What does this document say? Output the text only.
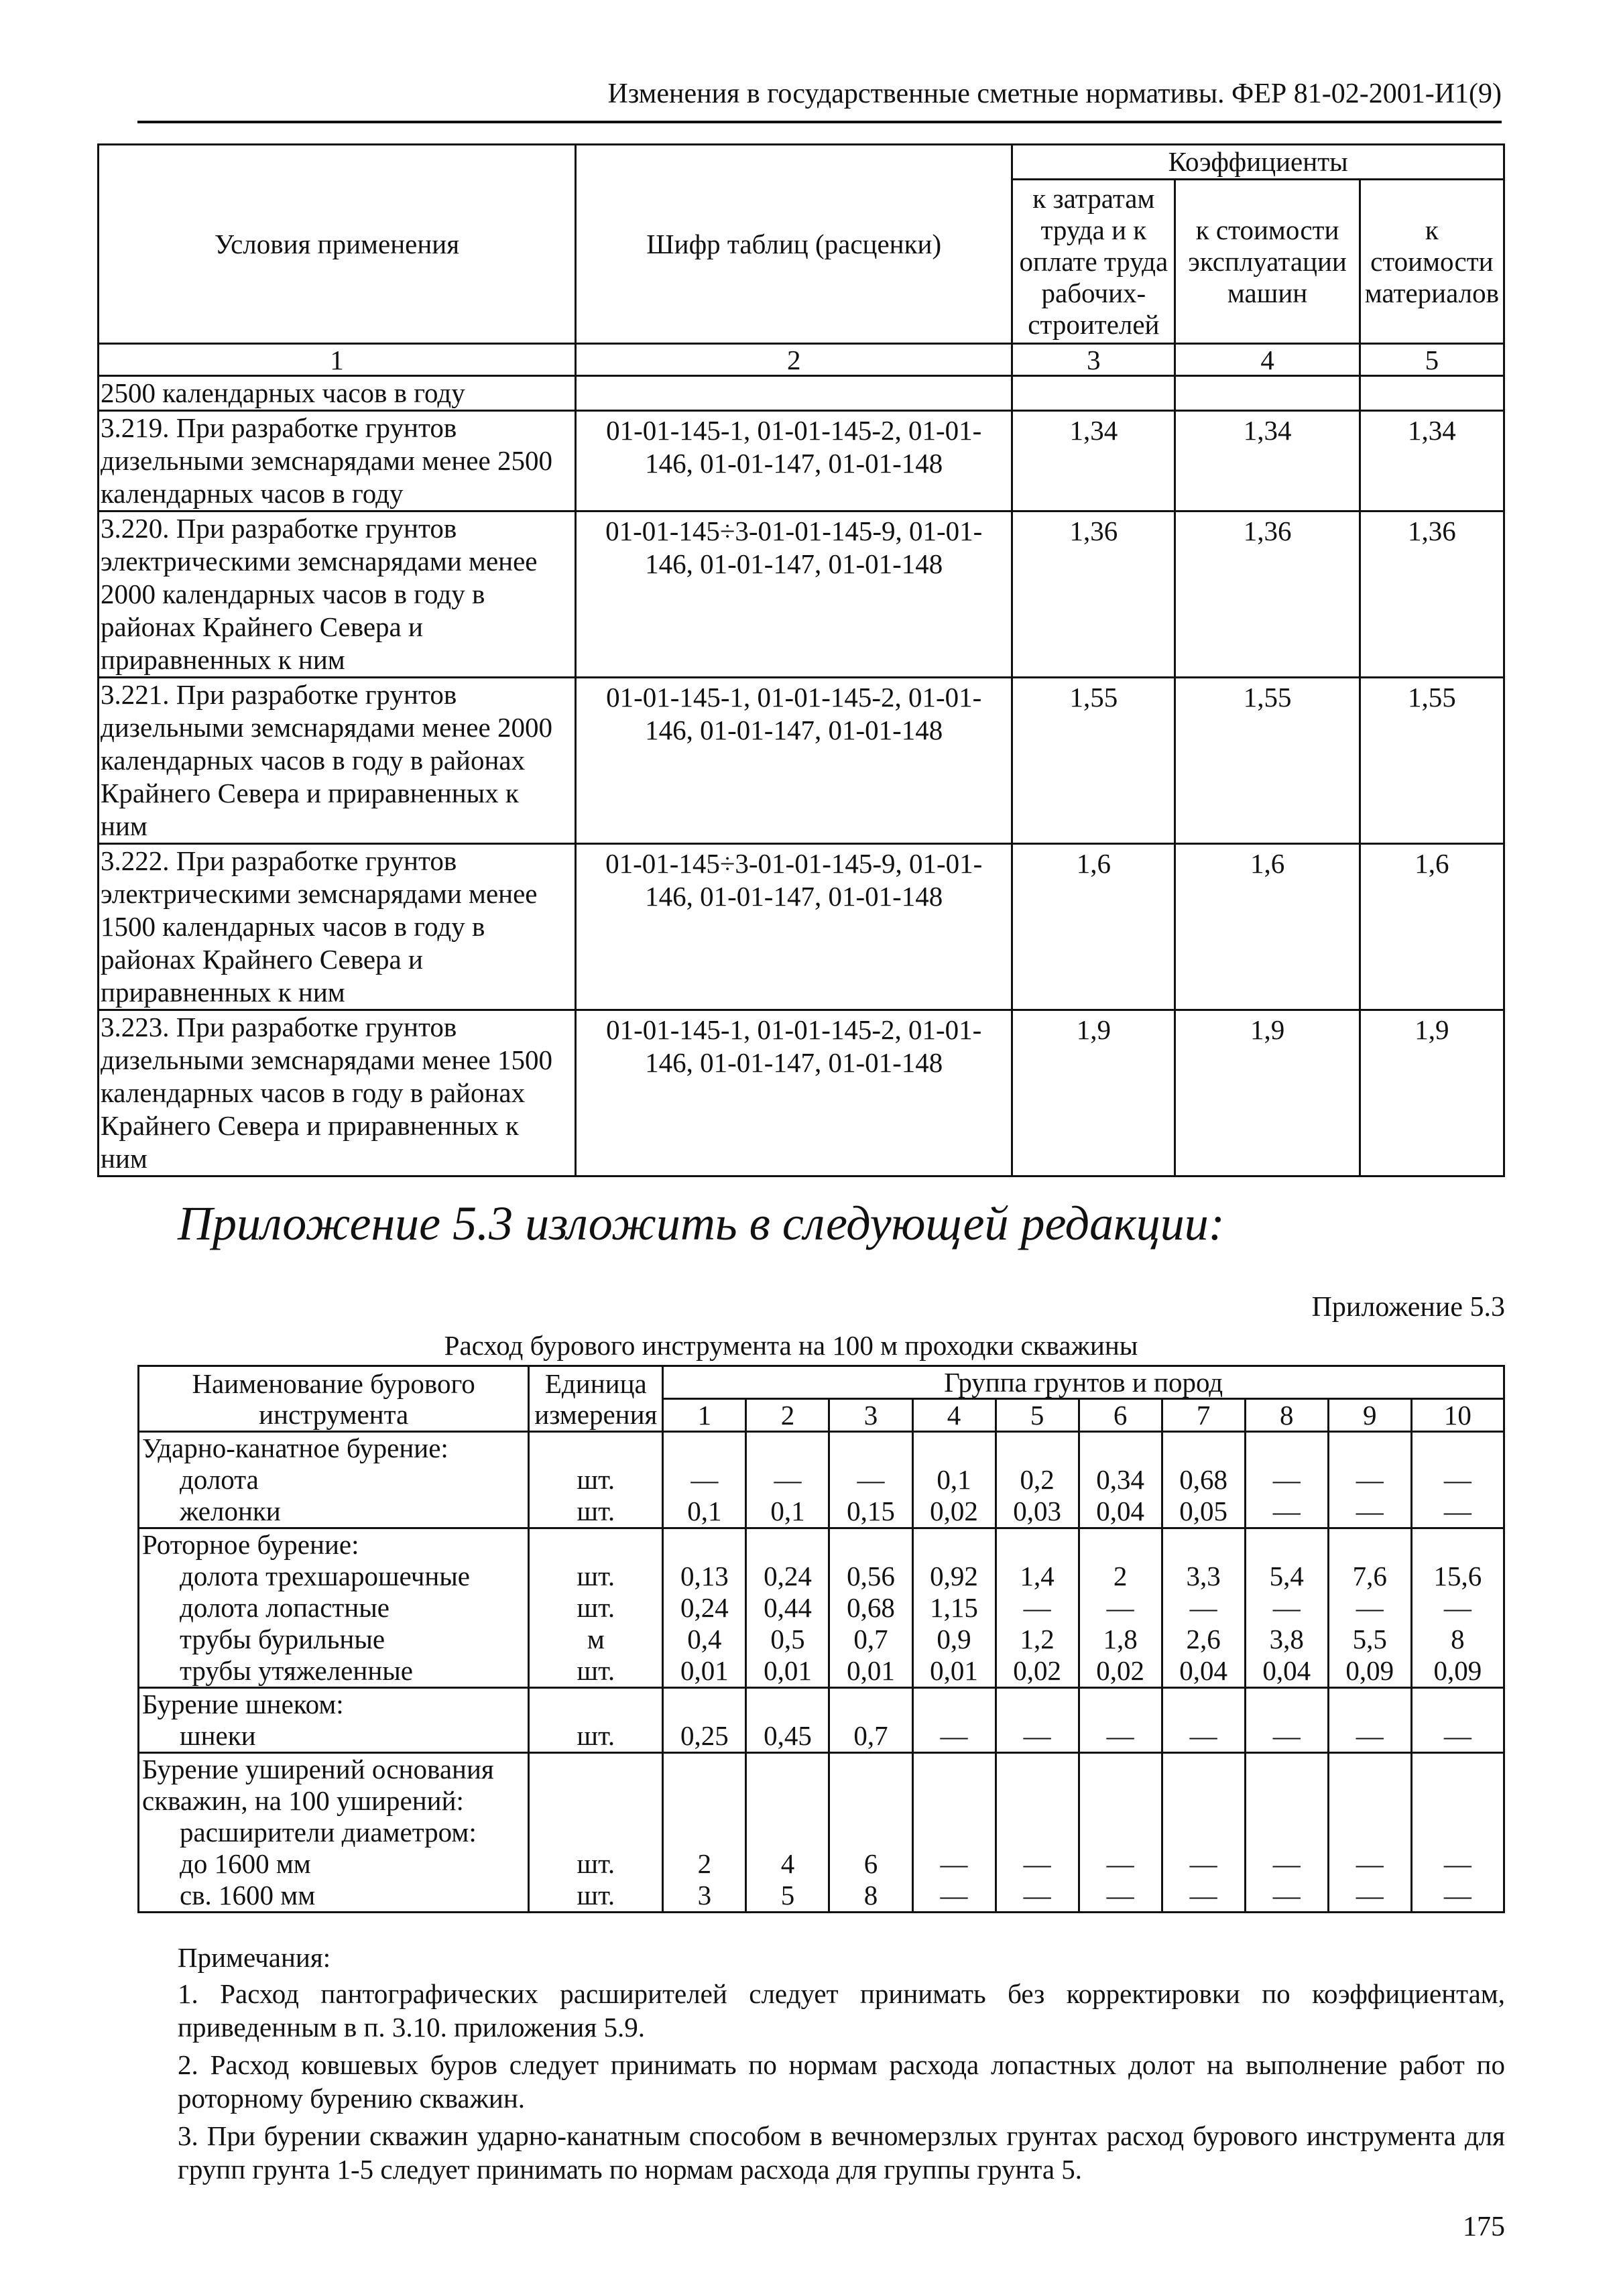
Изменения в государственные сметные нормативы. ФЕР 81-02-2001-И1(9)
Условия применения	Шифр таблиц (расценки)	Коэффициенты		
		к затратам труда и к оплате труда рабочих-строителей	к стоимости эксплуатации машин	к стоимости материалов
1	2	3	4	5
2500 календарных часов в году				
3.219. При разработке грунтов дизельными земснарядами менее 2500 календарных часов в году	01-01-145-1, 01-01-145-2, 01-01-146, 01-01-147, 01-01-148	1,34	1,34	1,34
3.220. При разработке грунтов электрическими земснарядами менее 2000 календарных часов в году в районах Крайнего Севера и приравненных к ним	01-01-145÷3-01-01-145-9, 01-01-146, 01-01-147, 01-01-148	1,36	1,36	1,36
3.221. При разработке грунтов дизельными земснарядами менее 2000 календарных часов в году в районах Крайнего Севера и приравненных к ним	01-01-145-1, 01-01-145-2, 01-01-146, 01-01-147, 01-01-148	1,55	1,55	1,55
3.222. При разработке грунтов электрическими земснарядами менее 1500 календарных часов в году в районах Крайнего Севера и приравненных к ним	01-01-145÷3-01-01-145-9, 01-01-146, 01-01-147, 01-01-148	1,6	1,6	1,6
3.223. При разработке грунтов дизельными земснарядами менее 1500 календарных часов в году в районах Крайнего Севера и приравненных к ним	01-01-145-1, 01-01-145-2, 01-01-146, 01-01-147, 01-01-148	1,9	1,9	1,9
Приложение 5.3 изложить в следующей редакции:
Приложение 5.3
Расход бурового инструмента на 100 м проходки скважины
Наименование бурового инструмента	Единица измерения	Группа грунтов и пород									
		1	2	3	4	5	6	7	8	9	10
Ударно-канатное бурение:											
долота	шт.	—	—	—	0,1	0,2	0,34	0,68	—	—	—
желонки	шт.	0,1	0,1	0,15	0,02	0,03	0,04	0,05	—	—	—
Роторное бурение:											
долота трехшарошечные	шт.	0,13	0,24	0,56	0,92	1,4	2	3,3	5,4	7,6	15,6
долота лопастные	шт.	0,24	0,44	0,68	1,15	—	—	—	—	—	—
трубы бурильные	м	0,4	0,5	0,7	0,9	1,2	1,8	2,6	3,8	5,5	8
трубы утяжеленные	шт.	0,01	0,01	0,01	0,01	0,02	0,02	0,04	0,04	0,09	0,09
Бурение шнеком:											
шнеки	шт.	0,25	0,45	0,7	—	—	—	—	—	—	—
Бурение уширений основания											
скважин, на 100 уширений:											
расширители диаметром:											
до 1600 мм	шт.	2	4	6	—	—	—	—	—	—	—
св. 1600 мм	шт.	3	5	8	—	—	—	—	—	—	—
Примечания:

1. Расход пантографических расширителей следует принимать без корректировки по коэффициентам, приведенным в п. 3.10. приложения 5.9.

2. Расход ковшевых буров следует принимать по нормам расхода лопастных долот на выполнение работ по роторному бурению скважин.

3. При бурении скважин ударно-канатным способом в вечномерзлых грунтах расход бурового инструмента для групп грунта 1-5 следует принимать по нормам расхода для группы грунта 5.

175
